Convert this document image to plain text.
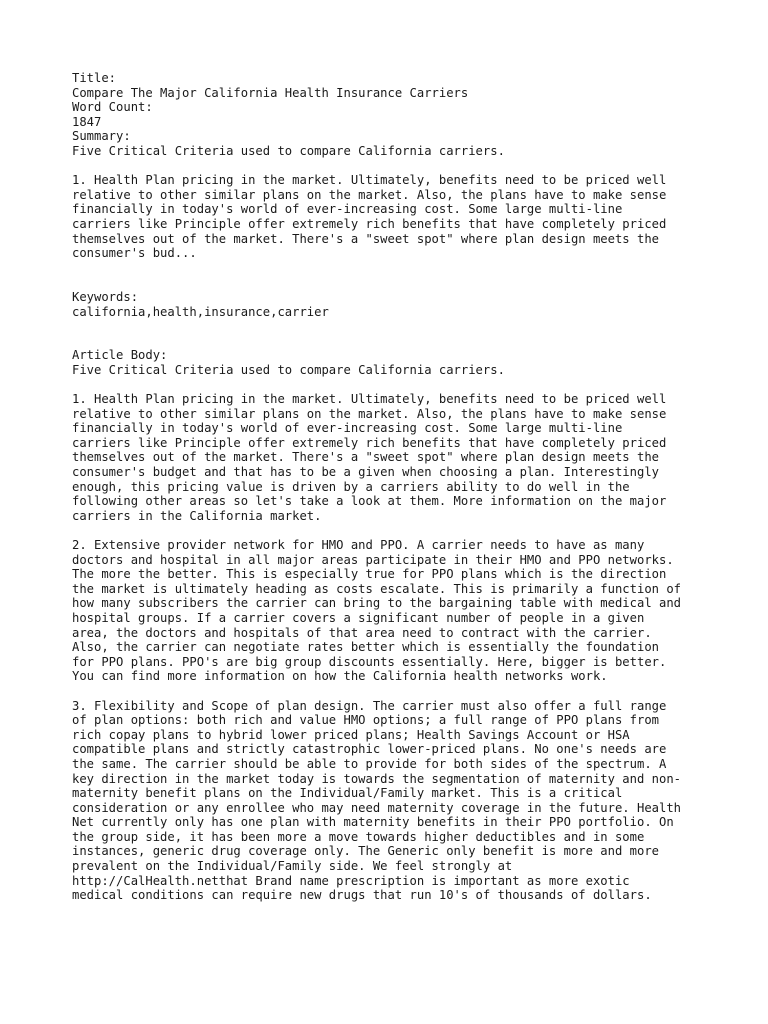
Title:
Compare The Major California Health Insurance Carriers
Word Count:
1847
Summary:
Five Critical Criteria used to compare California carriers.
1. Health Plan pricing in the market. Ultimately, benefits need to be priced well
relative to other similar plans on the market. Also, the plans have to make sense
financially in today's world of ever-increasing cost. Some large multi-line
carriers like Principle offer extremely rich benefits that have completely priced
themselves out of the market. There's a "sweet spot" where plan design meets the
consumer's bud...
Keywords:
california,health,insurance,carrier
Article Body:
Five Critical Criteria used to compare California carriers.
1. Health Plan pricing in the market. Ultimately, benefits need to be priced well
relative to other similar plans on the market. Also, the plans have to make sense
financially in today's world of ever-increasing cost. Some large multi-line
carriers like Principle offer extremely rich benefits that have completely priced
themselves out of the market. There's a "sweet spot" where plan design meets the
consumer's budget and that has to be a given when choosing a plan. Interestingly
enough, this pricing value is driven by a carriers ability to do well in the
following other areas so let's take a look at them. More information on the major
carriers in the California market.
2. Extensive provider network for HMO and PPO. A carrier needs to have as many
doctors and hospital in all major areas participate in their HMO and PPO networks.
The more the better. This is especially true for PPO plans which is the direction
the market is ultimately heading as costs escalate. This is primarily a function of
how many subscribers the carrier can bring to the bargaining table with medical and
hospital groups. If a carrier covers a significant number of people in a given
area, the doctors and hospitals of that area need to contract with the carrier.
Also, the carrier can negotiate rates better which is essentially the foundation
for PPO plans. PPO's are big group discounts essentially. Here, bigger is better.
You can find more information on how the California health networks work.
3. Flexibility and Scope of plan design. The carrier must also offer a full range
of plan options: both rich and value HMO options; a full range of PPO plans from
rich copay plans to hybrid lower priced plans; Health Savings Account or HSA
compatible plans and strictly catastrophic lower-priced plans. No one's needs are
the same. The carrier should be able to provide for both sides of the spectrum. A
key direction in the market today is towards the segmentation of maternity and non-
maternity benefit plans on the Individual/Family market. This is a critical
consideration or any enrollee who may need maternity coverage in the future. Health
Net currently only has one plan with maternity benefits in their PPO portfolio. On
the group side, it has been more a move towards higher deductibles and in some
instances, generic drug coverage only. The Generic only benefit is more and more
prevalent on the Individual/Family side. We feel strongly at
http://CalHealth.netthat Brand name prescription is important as more exotic
medical conditions can require new drugs that run 10's of thousands of dollars.
